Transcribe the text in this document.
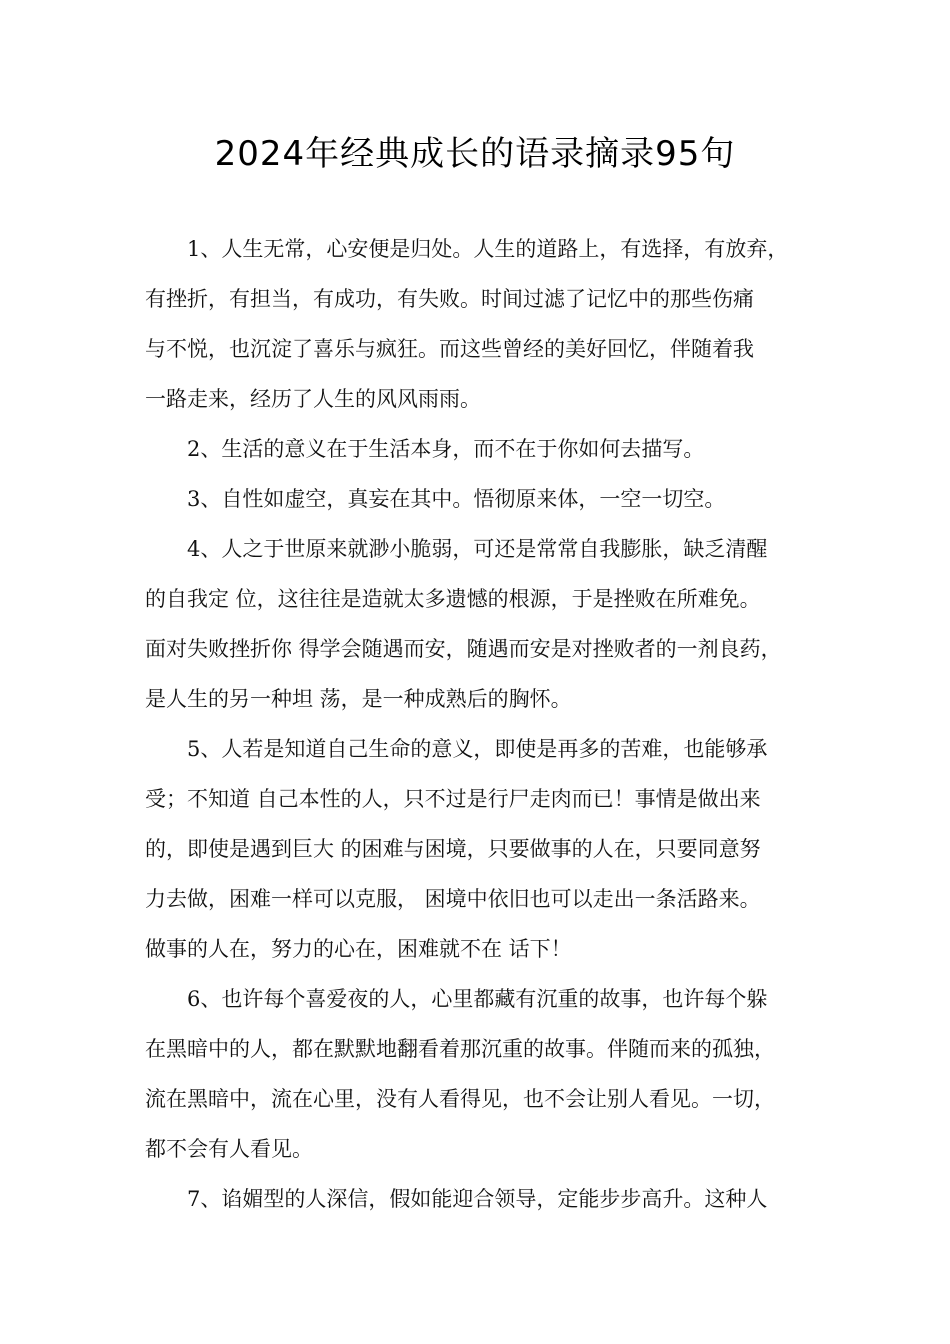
2024年经典成长的语录摘录95句
1、人生无常，心安便是归处。人生的道路上，有选择，有放弃，
有挫折，有担当，有成功，有失败。时间过滤了记忆中的那些伤痛
与不悦，也沉淀了喜乐与疯狂。而这些曾经的美好回忆，伴随着我
一路走来，经历了人生的风风雨雨。
2、生活的意义在于生活本身，而不在于你如何去描写。
3、自性如虚空，真妄在其中。悟彻原来体，一空一切空。
4、人之于世原来就渺小脆弱，可还是常常自我膨胀，缺乏清醒
的自我定 位，这往往是造就太多遗憾的根源，于是挫败在所难免。
面对失败挫折你 得学会随遇而安，随遇而安是对挫败者的一剂良药，
是人生的另一种坦 荡，是一种成熟后的胸怀。
5、人若是知道自己生命的意义，即使是再多的苦难，也能够承
受；不知道 自己本性的人，只不过是行尸走肉而已！事情是做出来
的，即使是遇到巨大 的困难与困境，只要做事的人在，只要同意努
力去做，困难一样可以克服， 困境中依旧也可以走出一条活路来。
做事的人在，努力的心在，困难就不在 话下！
6、也许每个喜爱夜的人，心里都藏有沉重的故事，也许每个躲
在黑暗中的人，都在默默地翻看着那沉重的故事。伴随而来的孤独，
流在黑暗中，流在心里，没有人看得见，也不会让别人看见。一切，
都不会有人看见。
7、谄媚型的人深信，假如能迎合领导，定能步步高升。这种人
